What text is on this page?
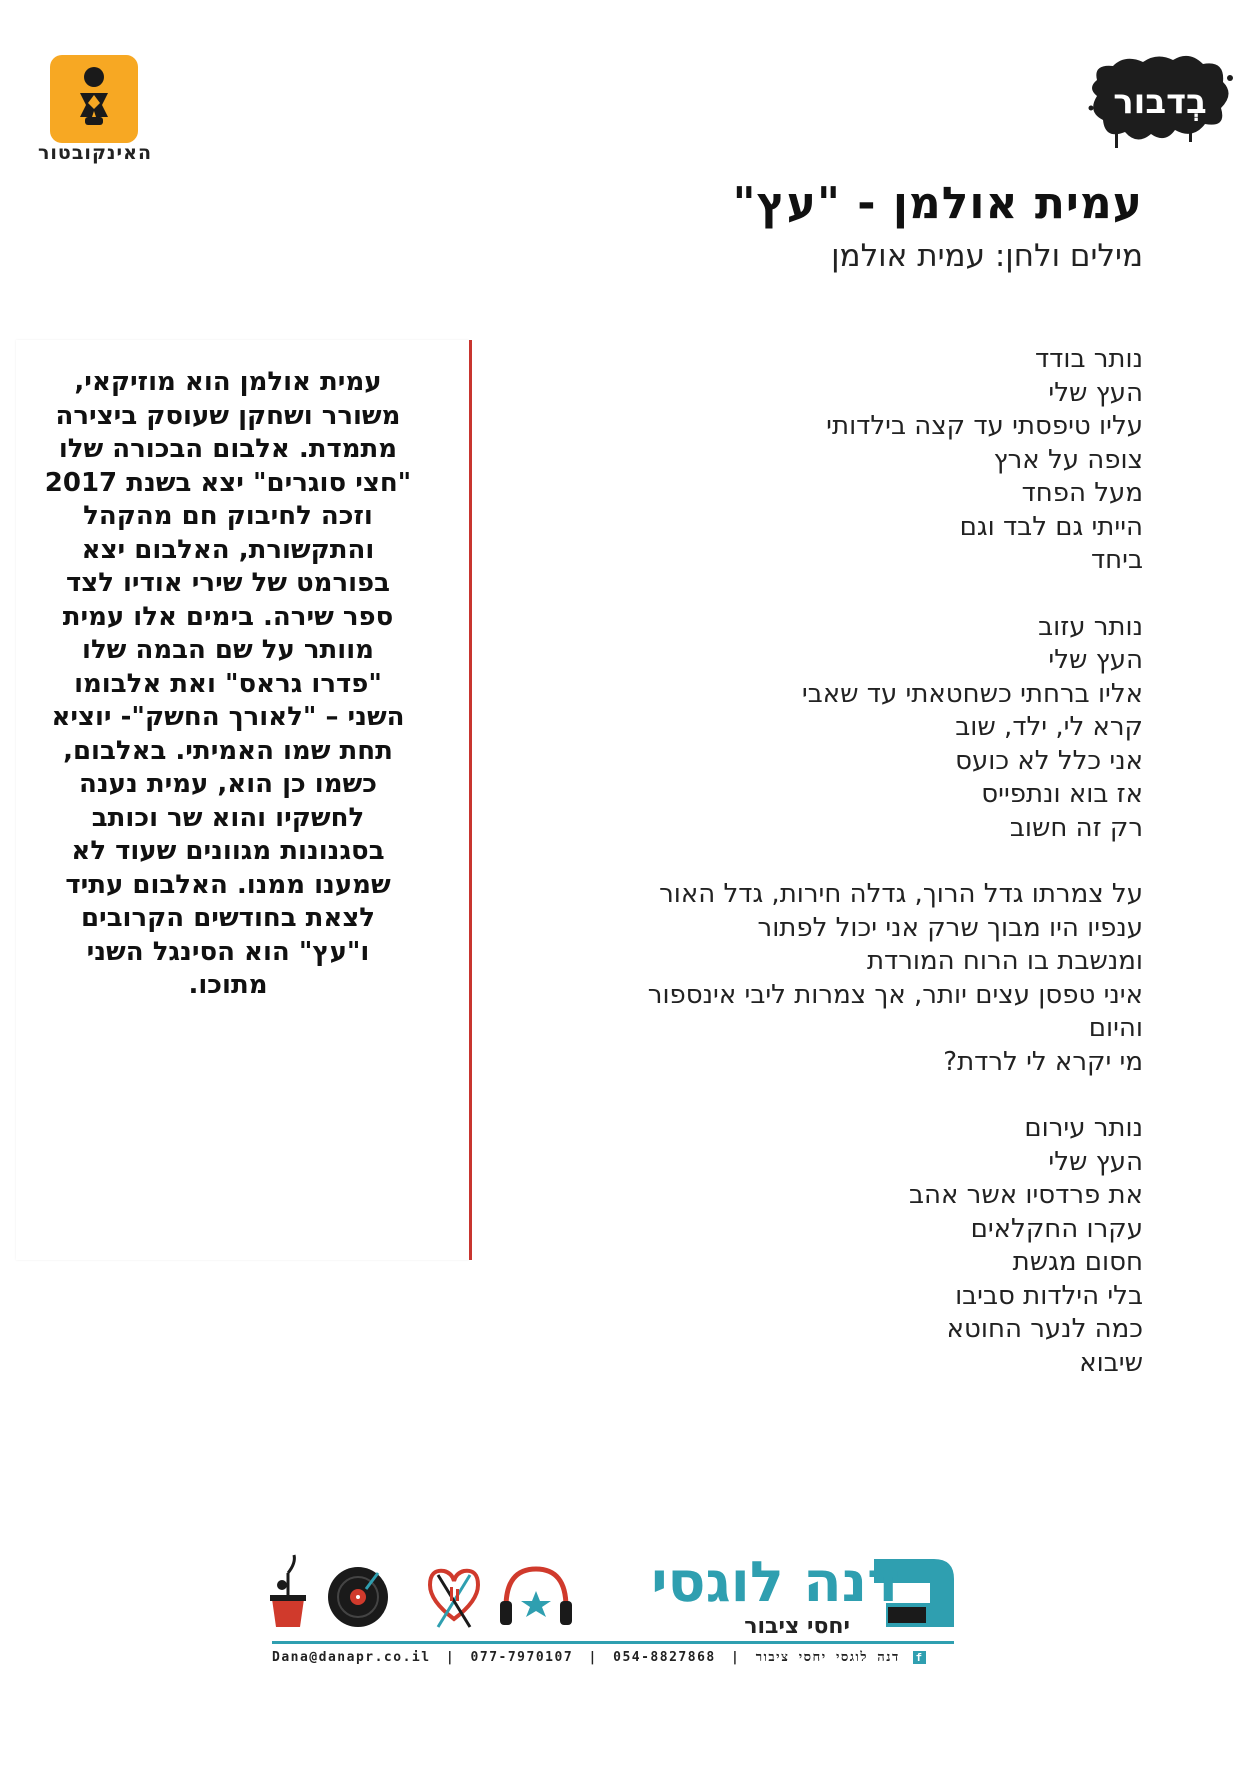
האינקובטור
בְדבור
עמית אולמן - "עץ"
מילים ולחן: עמית אולמן
נותר בודד
העץ שלי
עליו טיפסתי עד קצה בילדותי
צופה על ארץ
מעל הפחד
הייתי גם לבד וגם
ביחד
נותר עזוב
העץ שלי
אליו ברחתי כשחטאתי עד שאבי
קרא לי, ילד, שוב
אני כלל לא כועס
אז בוא ונתפייס
רק זה חשוב
על צמרתו גדל הרוך, גדלה חירות, גדל האור
ענפיו היו מבוך שרק אני יכול לפתור
ומנשבת בו הרוח המורדת
איני טפסן עצים יותר, אך צמרות ליבי אינספור
והיום
מי יקרא לי לרדת?
נותר עירום
העץ שלי
את פרדסיו אשר אהב
עקרו החקלאים
חסום מגשת
בלי הילדות סביבו
כמה לנער החוטא
שיבוא
עמית אולמן הוא מוזיקאי,
משורר ושחקן שעוסק ביצירה
מתמדת. אלבום הבכורה שלו
"חצי סוגרים" יצא בשנת 2017
וזכה לחיבוק חם מהקהל
והתקשורת, האלבום יצא
בפורמט של שירי אודיו לצד
ספר שירה. בימים אלו עמית
מוותר על שם הבמה שלו
"פדרו גראס" ואת אלבומו
השני – "לאורך החשק"- יוציא
תחת שמו האמיתי. באלבום,
כשמו כן הוא, עמית נענה
לחשקיו והוא שר וכותב
בסגנונות מגוונים שעוד לא
שמענו ממנו. האלבום עתיד
לצאת בחודשים הקרובים
ו"עץ" הוא הסינגל השני
מתוכו.
דנה לוגסי
יחסי ציבור
Dana@danapr.co.il | 077-7970107 | 054-8827868 | דנה לוגסי יחסי ציבור f
